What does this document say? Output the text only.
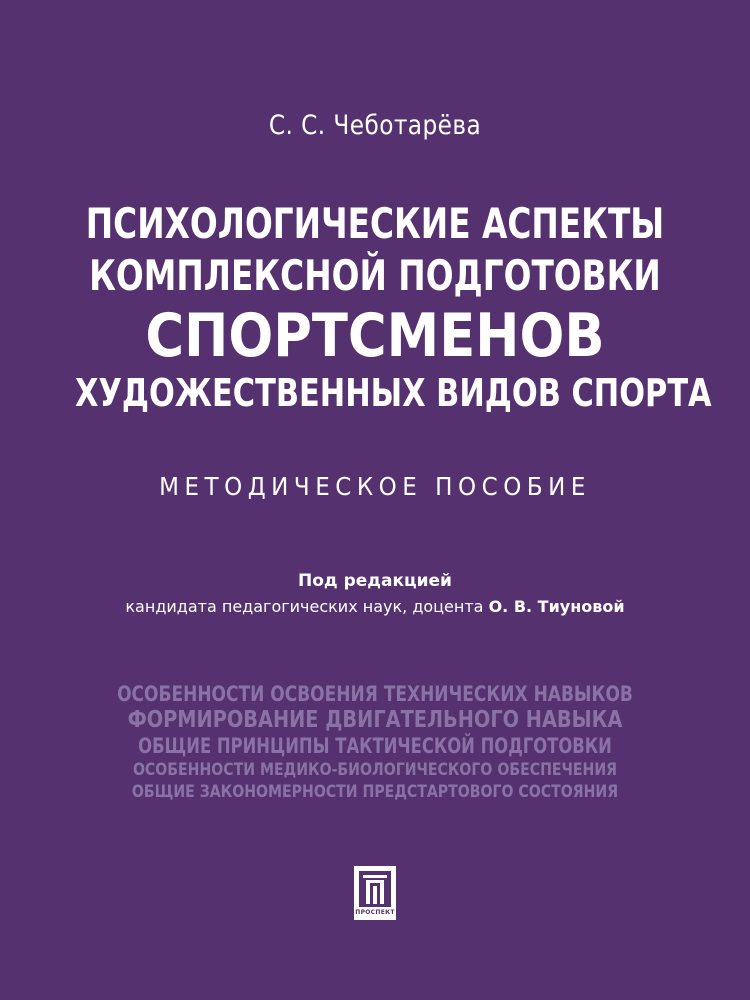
С. С. Чеботарёва
ПСИХОЛОГИЧЕСКИЕ АСПЕКТЫ
КОМПЛЕКСНОЙ ПОДГОТОВКИ
СПОРТСМЕНОВ
ХУДОЖЕСТВЕННЫХ ВИДОВ СПОРТА
МЕТОДИЧЕСКОЕ ПОСОБИЕ
Под редакцией
кандидата педагогических наук, доцента О. В. Тиуновой
ОСОБЕННОСТИ ОСВОЕНИЯ ТЕХНИЧЕСКИХ НАВЫКОВ
ФОРМИРОВАНИЕ ДВИГАТЕЛЬНОГО НАВЫКА
ОБЩИЕ ПРИНЦИПЫ ТАКТИЧЕСКОЙ ПОДГОТОВКИ
ОСОБЕННОСТИ МЕДИКО-БИОЛОГИЧЕСКОГО ОБЕСПЕЧЕНИЯ
ОБЩИЕ ЗАКОНОМЕРНОСТИ ПРЕДСТАРТОВОГО СОСТОЯНИЯ
ПРОСПЕКТ
